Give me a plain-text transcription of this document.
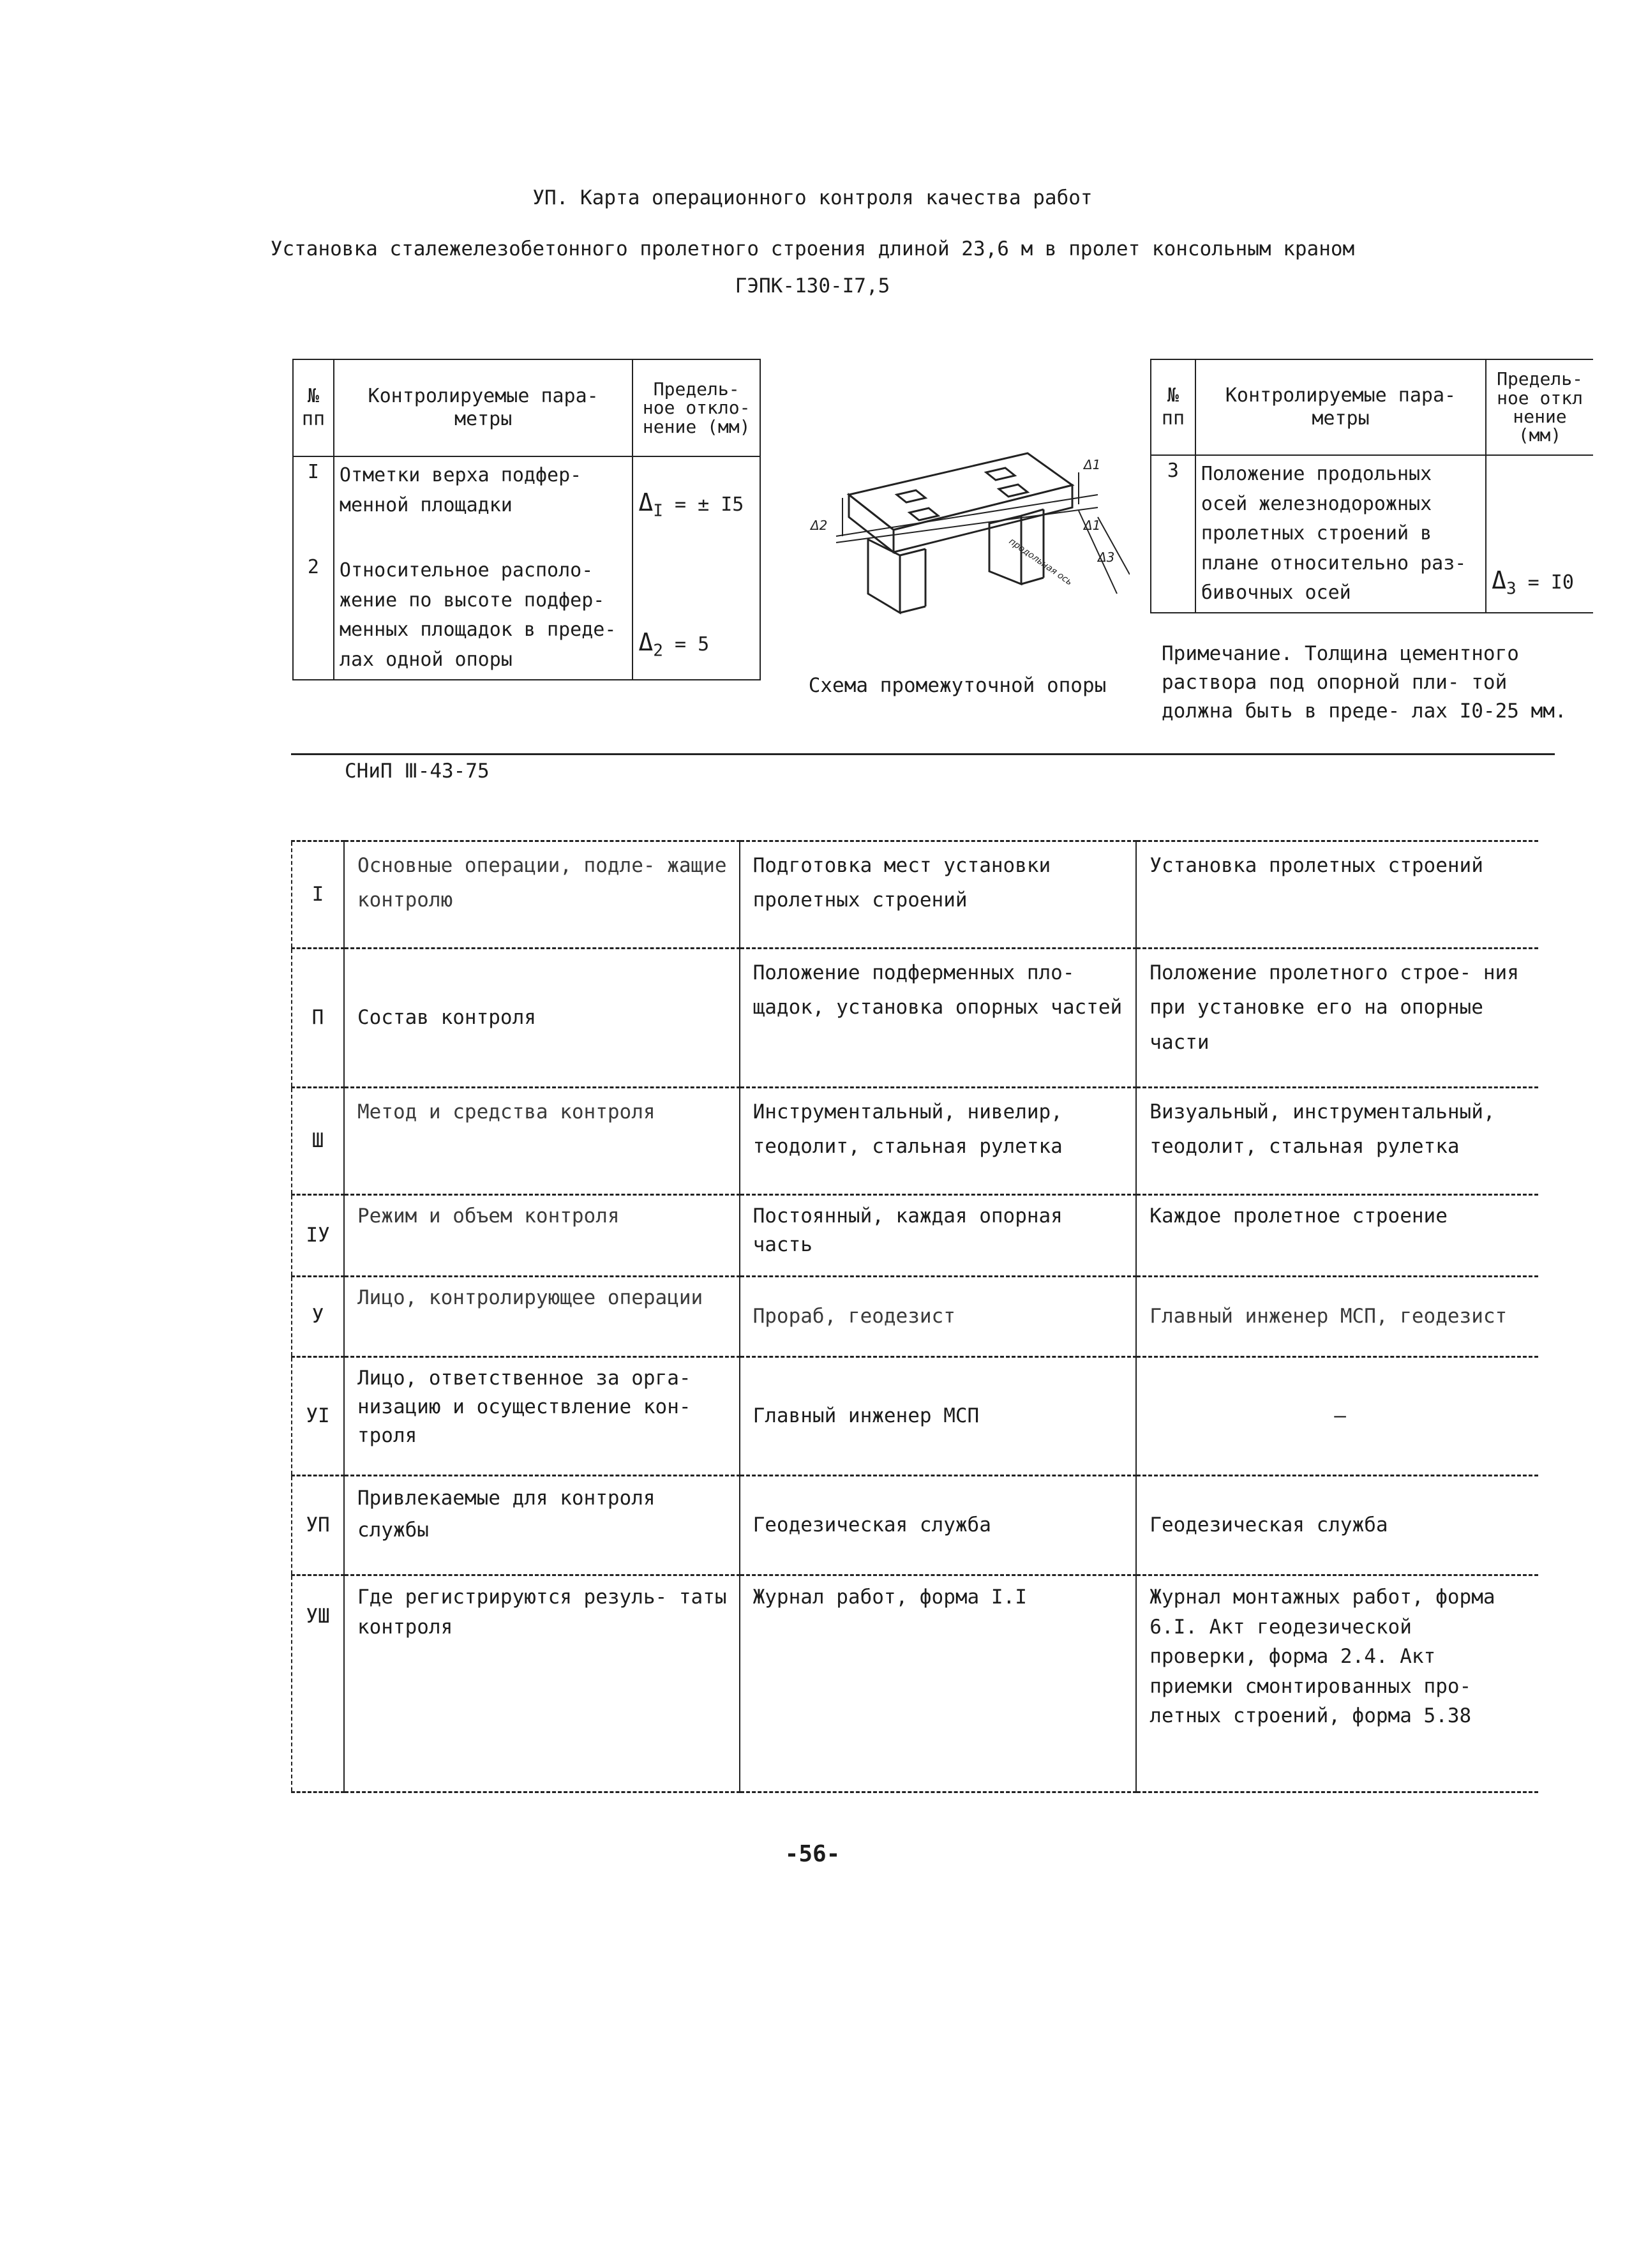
УП. Карта операционного контроля качества работ
Установка сталежелезобетонного пролетного строения длиной 23,6 м в пролет консольным краном
ГЭПК-130-I7,5
№ пп	Контролируемые пара- метры	Предель- ное откло- нение (мм)
I	Отметки верха подфер- менной площадки	$\Delta_I$ = ± I5
2	Относительное располо- жение по высоте подфер- менных площадок в преде- лах одной опоры	$\Delta_2 = 5$
Δ2
Δ1
Δ1
Δ3
продольная ось
Схема промежуточной опоры
№ пп	Контролируемые пара- метры	Предель- ное откл нение (мм)
3	Положение продольных осей железнодорожных пролетных строений в плане относительно раз- бивочных осей	$\Delta_3 = I0$
Примечание. Толщина цементного раствора под опорной пли- той должна быть в преде- лах I0-25 мм.
СНиП Ⅲ-43-75
I	Основные операции, подле- жащие контролю	Подготовка мест установки пролетных строений	Установка пролетных строений
П	Состав контроля	Положение подферменных пло- щадок, установка опорных частей	Положение пролетного строе- ния при установке его на опорные части
Ш	Метод и средства контроля	Инструментальный, нивелир, теодолит, стальная рулетка	Визуальный, инструментальный, теодолит, стальная рулетка
IУ	Режим и объем контроля	Постоянный, каждая опорная часть	Каждое пролетное строение
У	Лицо, контролирующее операции	Прораб, геодезист	Главный инженер МСП, геодезист
УI	Лицо, ответственное за орга- низацию и осуществление кон- троля	Главный инженер МСП	—
УП	Привлекаемые для контроля службы	Геодезическая служба	Геодезическая служба
УШ	Где регистрируются резуль- таты контроля	Журнал работ, форма I.I	Журнал монтажных работ, форма 6.I. Акт геодезической проверки, форма 2.4. Акт приемки смонтированных про- летных строений, форма 5.38
-56-
